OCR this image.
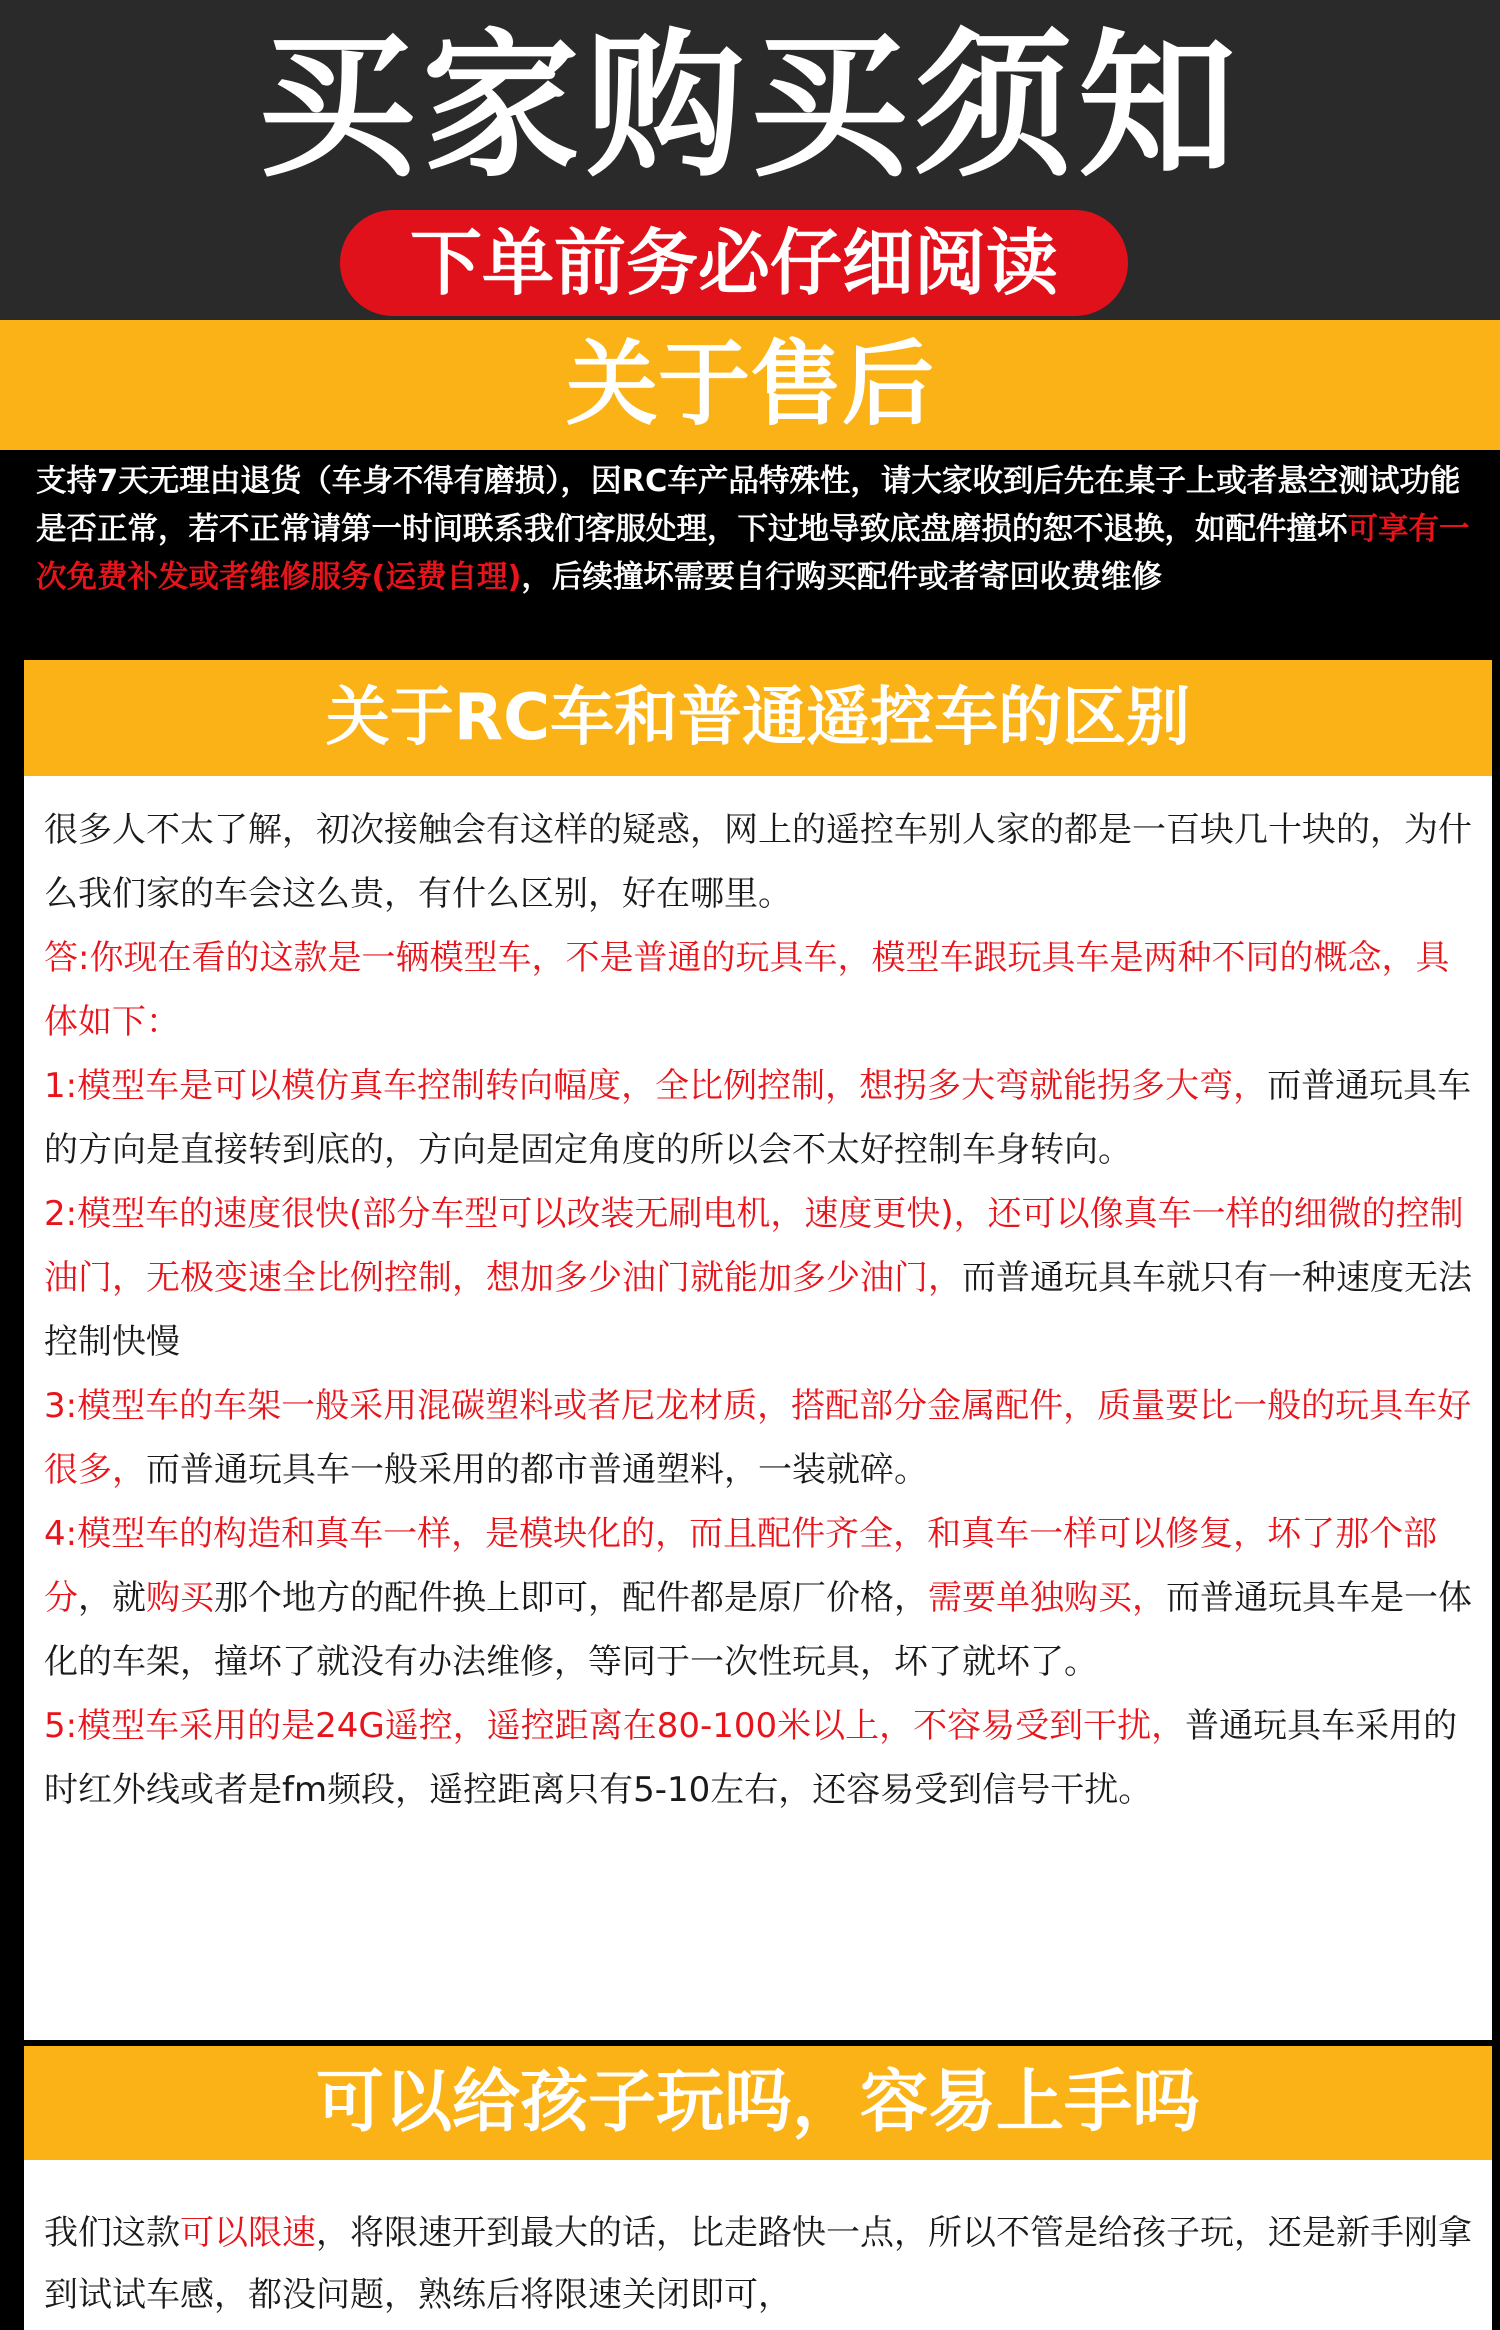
买家购买须知
下单前务必仔细阅读
关于售后
支持7天无理由退货（车身不得有磨损），因RC车产品特殊性，请大家收到后先在桌子上或者悬空测试功能是否正常，若不正常请第一时间联系我们客服处理，下过地导致底盘磨损的恕不退换，如配件撞坏可享有一次免费补发或者维修服务(运费自理)，后续撞坏需要自行购买配件或者寄回收费维修
关于RC车和普通遥控车的区别

很多人不太了解，初次接触会有这样的疑惑，网上的遥控车别人家的都是一百块几十块的，为什么我们家的车会这么贵，有什么区别，好在哪里。

答:你现在看的这款是一辆模型车，不是普通的玩具车，模型车跟玩具车是两种不同的概念，具体如下：

1:模型车是可以模仿真车控制转向幅度，全比例控制，想拐多大弯就能拐多大弯，而普通玩具车的方向是直接转到底的，方向是固定角度的所以会不太好控制车身转向。

2:模型车的速度很快(部分车型可以改装无刷电机，速度更快)，还可以像真车一样的细微的控制油门，无极变速全比例控制，想加多少油门就能加多少油门，而普通玩具车就只有一种速度无法控制快慢

3:模型车的车架一般采用混碳塑料或者尼龙材质，搭配部分金属配件，质量要比一般的玩具车好很多，而普通玩具车一般采用的都市普通塑料，一装就碎。

4:模型车的构造和真车一样，是模块化的，而且配件齐全，和真车一样可以修复，坏了那个部分，就购买那个地方的配件换上即可，配件都是原厂价格，需要单独购买，而普通玩具车是一体化的车架，撞坏了就没有办法维修，等同于一次性玩具，坏了就坏了。

5:模型车采用的是24G遥控，遥控距离在80-100米以上，不容易受到干扰，普通玩具车采用的时红外线或者是fm频段，遥控距离只有5-10左右，还容易受到信号干扰。

可以给孩子玩吗，容易上手吗

我们这款可以限速，将限速开到最大的话，比走路快一点，所以不管是给孩子玩，还是新手刚拿到试试车感，都没问题，熟练后将限速关闭即可，
